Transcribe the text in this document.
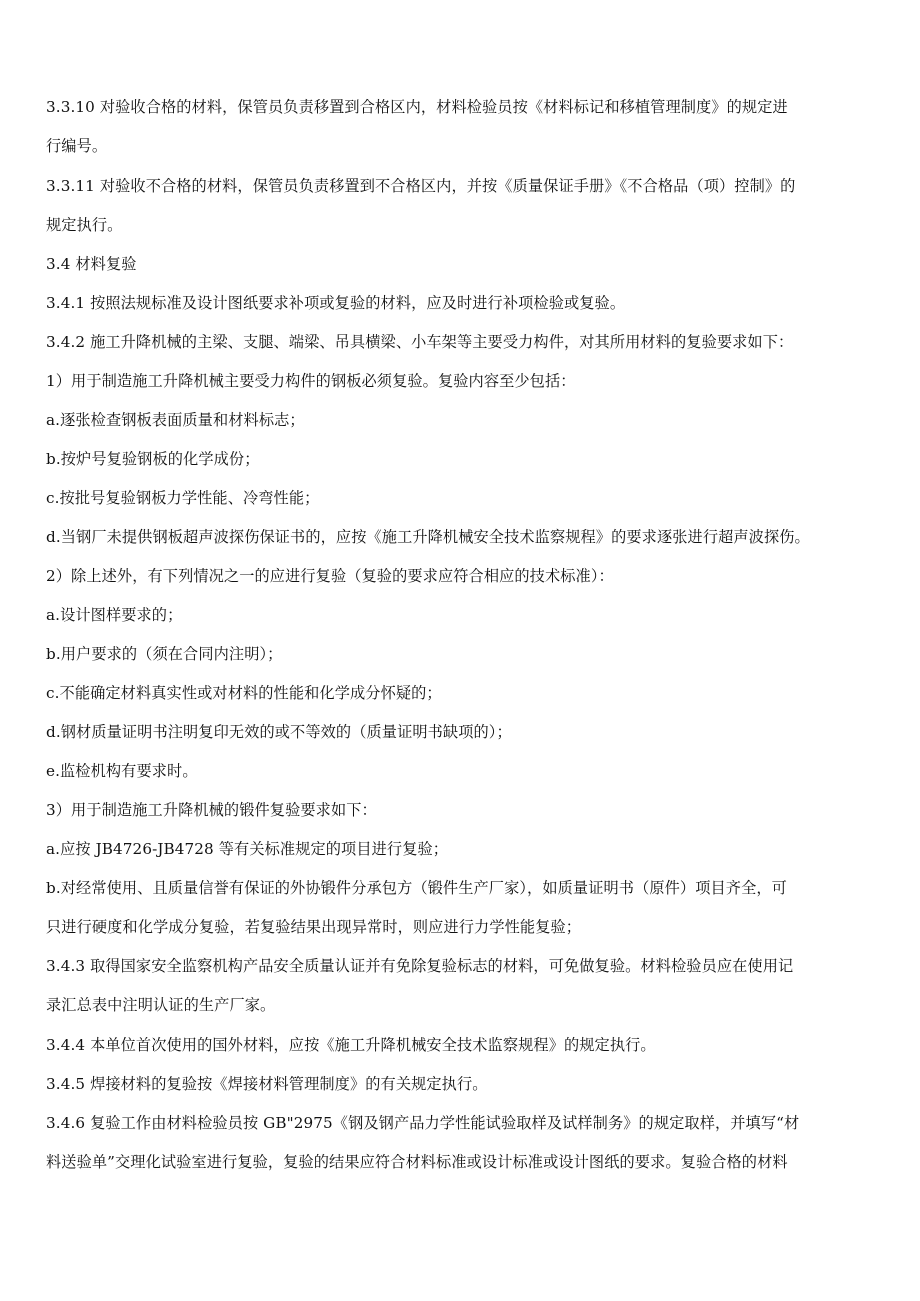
3.3.10 对验收合格的材料，保管员负责移置到合格区内，材料检验员按《材料标记和移植管理制度》的规定进
行编号。
3.3.11 对验收不合格的材料，保管员负责移置到不合格区内，并按《质量保证手册》《不合格品（项）控制》的
规定执行。
3.4 材料复验
3.4.1 按照法规标准及设计图纸要求补项或复验的材料，应及时进行补项检验或复验。
3.4.2 施工升降机械的主梁、支腿、端梁、吊具横梁、小车架等主要受力构件，对其所用材料的复验要求如下：
1）用于制造施工升降机械主要受力构件的钢板必须复验。复验内容至少包括：
a.逐张检查钢板表面质量和材料标志；
b.按炉号复验钢板的化学成份；
c.按批号复验钢板力学性能、冷弯性能；
d.当钢厂未提供钢板超声波探伤保证书的，应按《施工升降机械安全技术监察规程》的要求逐张进行超声波探伤。
2）除上述外，有下列情况之一的应进行复验（复验的要求应符合相应的技术标准）：
a.设计图样要求的；
b.用户要求的（须在合同内注明）；
c.不能确定材料真实性或对材料的性能和化学成分怀疑的；
d.钢材质量证明书注明复印无效的或不等效的（质量证明书缺项的）；
e.监检机构有要求时。
3）用于制造施工升降机械的锻件复验要求如下：
a.应按 JB4726-JB4728 等有关标准规定的项目进行复验；
b.对经常使用、且质量信誉有保证的外协锻件分承包方（锻件生产厂家），如质量证明书（原件）项目齐全，可
只进行硬度和化学成分复验，若复验结果出现异常时，则应进行力学性能复验；
3.4.3 取得国家安全监察机构产品安全质量认证并有免除复验标志的材料，可免做复验。材料检验员应在使用记
录汇总表中注明认证的生产厂家。
3.4.4 本单位首次使用的国外材料，应按《施工升降机械安全技术监察规程》的规定执行。
3.4.5 焊接材料的复验按《焊接材料管理制度》的有关规定执行。
3.4.6 复验工作由材料检验员按 GB"2975《钢及钢产品力学性能试验取样及试样制务》的规定取样，并填写“材
料送验单”交理化试验室进行复验，复验的结果应符合材料标准或设计标准或设计图纸的要求。复验合格的材料
